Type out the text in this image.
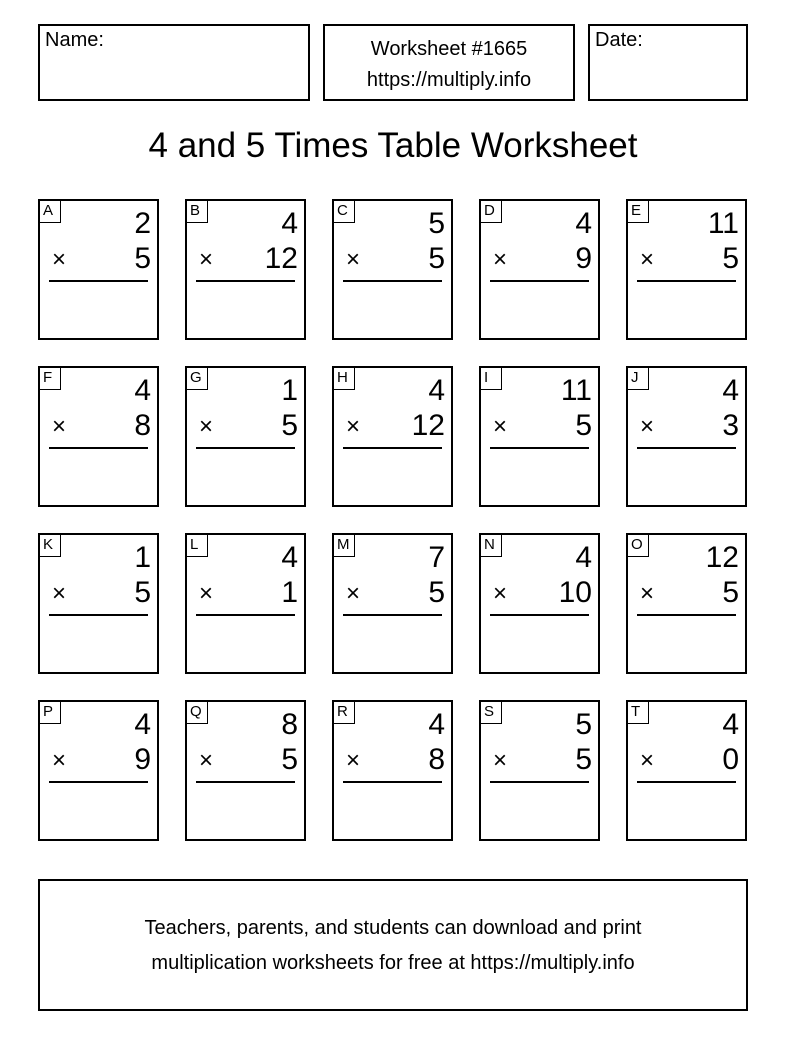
Name:	Worksheet #1665
https://multiply.info
Date:
4 and 5 Times Table Worksheet
A	2
× 5
B	4
× 12
C	5
× 5
D	4
× 9
E 11
× 5
F	4
× 8
G	1
× 5
H	4
× 12
I	11
× 5
J	4
× 3
K	1
× 5
L	4
× 1
M	7
× 5
N	4
× 10
O 12
× 5
P	4
× 9
Q	8
× 5
R	4
× 8
S	5
× 5
T	4
× 0
Teachers, parents, and students can download and print
multiplication worksheets for free at https://multiply.info
